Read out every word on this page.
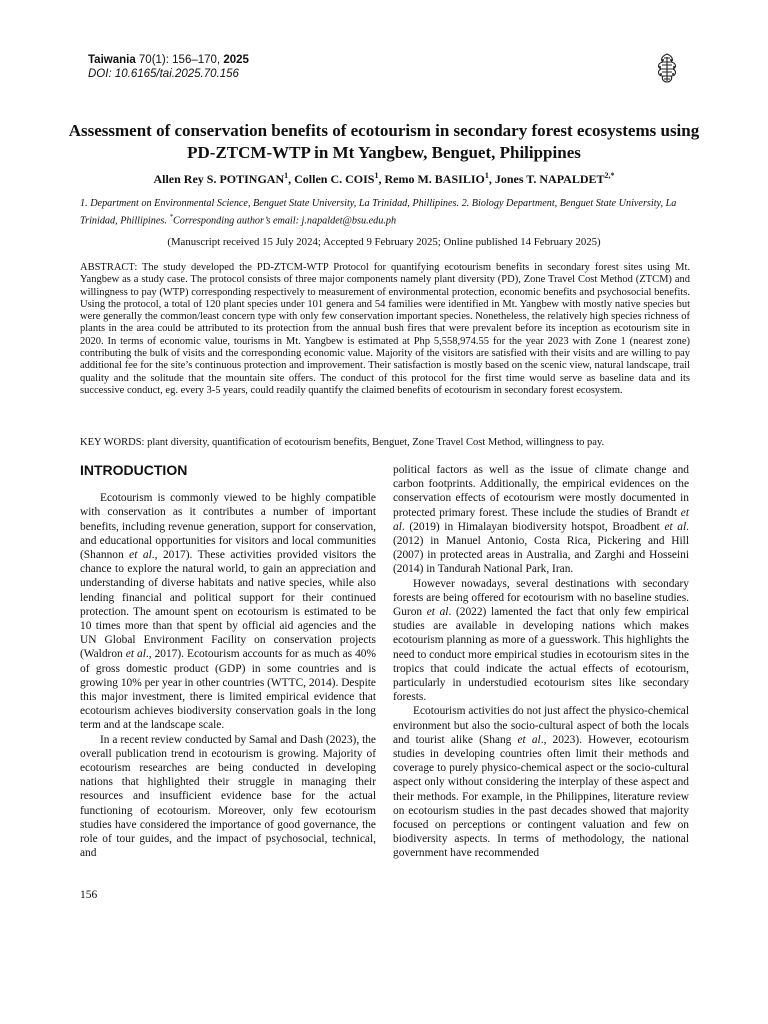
Taiwania 70(1): 156–170, 2025
DOI: 10.6165/tai.2025.70.156
Assessment of conservation benefits of ecotourism in secondary forest ecosystems using PD-ZTCM-WTP in Mt Yangbew, Benguet, Philippines
Allen Rey S. POTINGAN$^1$, Collen C. COIS$^1$, Remo M. BASILIO$^1$, Jones T. $NAPALDET^{2,*}$
1. Department on Environmental Science, Benguet State University, La Trinidad, Phillipines. 2. Biology Department, Benguet State University, La Trinidad, Phillipines. *Corresponding author’s email: j.napaldet@bsu.edu.ph
(Manuscript received 15 July 2024; Accepted 9 February 2025; Online published 14 February 2025)
ABSTRACT: The study developed the PD-ZTCM-WTP Protocol for quantifying ecotourism benefits in secondary forest sites using Mt. Yangbew as a study case. The protocol consists of three major components namely plant diversity (PD), Zone Travel Cost Method (ZTCM) and willingness to pay (WTP) corresponding respectively to measurement of environmental protection, economic benefits and psychosocial benefits. Using the protocol, a total of 120 plant species under 101 genera and 54 families were identified in Mt. Yangbew with mostly native species but were generally the common/least concern type with only few conservation important species. Nonetheless, the relatively high species richness of plants in the area could be attributed to its protection from the annual bush fires that were prevalent before its inception as ecotourism site in 2020. In terms of economic value, tourisms in Mt. Yangbew is estimated at Php 5,558,974.55 for the year 2023 with Zone 1 (nearest zone) contributing the bulk of visits and the corresponding economic value. Majority of the visitors are satisfied with their visits and are willing to pay additional fee for the site’s continuous protection and improvement. Their satisfaction is mostly based on the scenic view, natural landscape, trail quality and the solitude that the mountain site offers. The conduct of this protocol for the first time would serve as baseline data and its successive conduct, eg. every 3-5 years, could readily quantify the claimed benefits of ecotourism in secondary forest ecosystem.
KEY WORDS: plant diversity, quantification of ecotourism benefits, Benguet, Zone Travel Cost Method, willingness to pay.
INTRODUCTION

Ecotourism is commonly viewed to be highly compatible with conservation as it contributes a number of important benefits, including revenue generation, support for conservation, and educational opportunities for visitors and local communities (Shannon et al., 2017). These activities provided visitors the chance to explore the natural world, to gain an appreciation and understanding of diverse habitats and native species, while also lending financial and political support for their continued protection. The amount spent on ecotourism is estimated to be 10 times more than that spent by official aid agencies and the UN Global Environment Facility on conservation projects (Waldron et al., 2017). Ecotourism accounts for as much as 40% of gross domestic product (GDP) in some countries and is growing 10% per year in other countries (WTTC, 2014). Despite this major investment, there is limited empirical evidence that ecotourism achieves biodiversity conservation goals in the long term and at the landscape scale.

In a recent review conducted by Samal and Dash (2023), the overall publication trend in ecotourism is growing. Majority of ecotourism researches are being conducted in developing nations that highlighted their struggle in managing their resources and insufficient evidence base for the actual functioning of ecotourism. Moreover, only few ecotourism studies have considered the importance of good governance, the role of tour guides, and the impact of psychosocial, technical, and

political factors as well as the issue of climate change and carbon footprints. Additionally, the empirical evidences on the conservation effects of ecotourism were mostly documented in protected primary forest. These include the studies of Brandt et al. (2019) in Himalayan biodiversity hotspot, Broadbent et al. (2012) in Manuel Antonio, Costa Rica, Pickering and Hill (2007) in protected areas in Australia, and Zarghi and Hosseini (2014) in Tandurah National Park, Iran.

However nowadays, several destinations with secondary forests are being offered for ecotourism with no baseline studies. Guron et al. (2022) lamented the fact that only few empirical studies are available in developing nations which makes ecotourism planning as more of a guesswork. This highlights the need to conduct more empirical studies in ecotourism sites in the tropics that could indicate the actual effects of ecotourism, particularly in understudied ecotourism sites like secondary forests.

Ecotourism activities do not just affect the physico-chemical environment but also the socio-cultural aspect of both the locals and tourist alike (Shang et al., 2023). However, ecotourism studies in developing countries often limit their methods and coverage to purely physico-chemical aspect or the socio-cultural aspect only without considering the interplay of these aspect and their methods. For example, in the Philippines, literature review on ecotourism studies in the past decades showed that majority focused on perceptions or contingent valuation and few on biodiversity aspects. In terms of methodology, the national government have recommended

156
